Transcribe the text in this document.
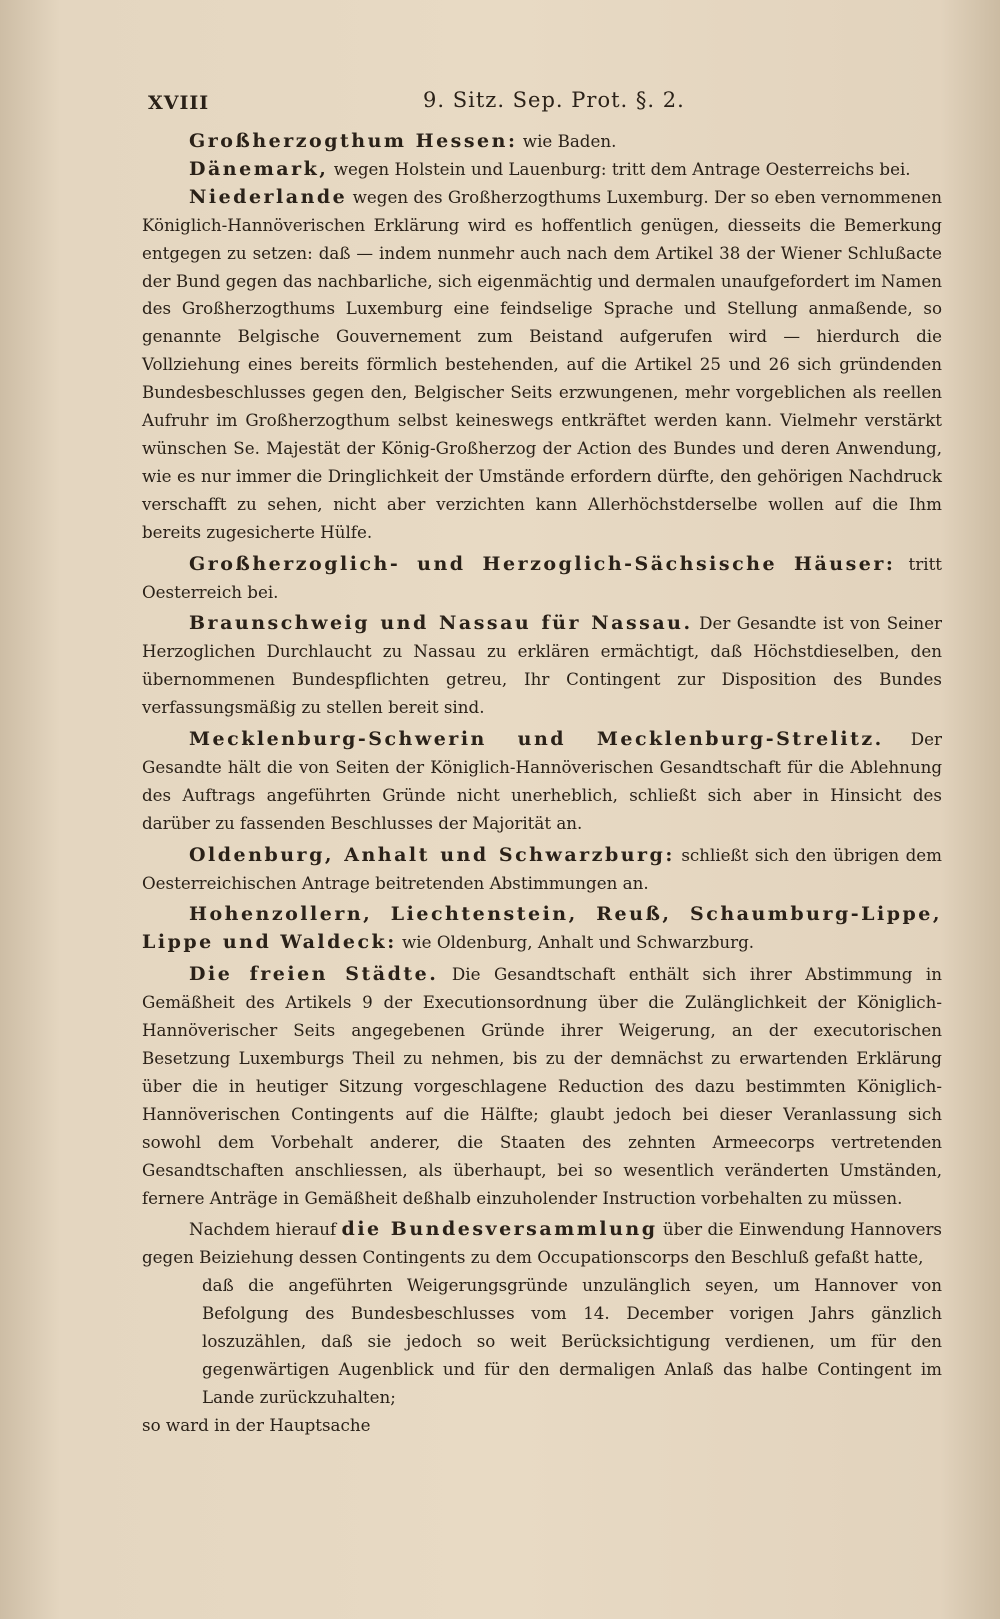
XVIII	9. Sitz. Sep. Prot. §. 2.

Großherzogthum Hessen: wie Baden.

Dänemark, wegen Holstein und Lauenburg: tritt dem Antrage Oesterreichs bei.

Niederlande wegen des Großherzogthums Luxemburg. Der so eben vernommenen Königlich-Hannöverischen Erklärung wird es hoffentlich genügen, diesseits die Bemerkung entgegen zu setzen: daß — indem nunmehr auch nach dem Artikel 38 der Wiener Schlußacte der Bund gegen das nachbarliche, sich eigenmächtig und dermalen unaufgefordert im Namen des Großherzogthums Luxemburg eine feindselige Sprache und Stellung anmaßende, so genannte Belgische Gouvernement zum Beistand aufgerufen wird — hierdurch die Vollziehung eines bereits förmlich bestehenden, auf die Artikel 25 und 26 sich gründenden Bundesbeschlusses gegen den, Belgischer Seits erzwungenen, mehr vorgeblichen als reellen Aufruhr im Großherzogthum selbst keineswegs entkräftet werden kann. Vielmehr verstärkt wünschen Se. Majestät der König-Großherzog der Action des Bundes und deren Anwendung, wie es nur immer die Dringlichkeit der Umstände erfordern dürfte, den gehörigen Nachdruck verschafft zu sehen, nicht aber verzichten kann Allerhöchstderselbe wollen auf die Ihm bereits zugesicherte Hülfe.

Großherzoglich- und Herzoglich-Sächsische Häuser: tritt Oesterreich bei.

Braunschweig und Nassau für Nassau. Der Gesandte ist von Seiner Herzoglichen Durchlaucht zu Nassau zu erklären ermächtigt, daß Höchstdieselben, den übernommenen Bundespflichten getreu, Ihr Contingent zur Disposition des Bundes verfassungsmäßig zu stellen bereit sind.

Mecklenburg-Schwerin und Mecklenburg-Strelitz. Der Gesandte hält die von Seiten der Königlich-Hannöverischen Gesandtschaft für die Ablehnung des Auftrags angeführten Gründe nicht unerheblich, schließt sich aber in Hinsicht des darüber zu fassenden Beschlusses der Majorität an.

Oldenburg, Anhalt und Schwarzburg: schließt sich den übrigen dem Oesterreichischen Antrage beitretenden Abstimmungen an.

Hohenzollern, Liechtenstein, Reuß, Schaumburg-Lippe, Lippe und Waldeck: wie Oldenburg, Anhalt und Schwarzburg.

Die freien Städte. Die Gesandtschaft enthält sich ihrer Abstimmung in Gemäßheit des Artikels 9 der Executionsordnung über die Zulänglichkeit der Königlich-Hannöverischer Seits angegebenen Gründe ihrer Weigerung, an der executorischen Besetzung Luxemburgs Theil zu nehmen, bis zu der demnächst zu erwartenden Erklärung über die in heutiger Sitzung vorgeschlagene Reduction des dazu bestimmten Königlich-Hannöverischen Contingents auf die Hälfte; glaubt jedoch bei dieser Veranlassung sich sowohl dem Vorbehalt anderer, die Staaten des zehnten Armeecorps vertretenden Gesandtschaften anschliessen, als überhaupt, bei so wesentlich veränderten Umständen, fernere Anträge in Gemäßheit deßhalb einzuholender Instruction vorbehalten zu müssen.

Nachdem hierauf die Bundesversammlung über die Einwendung Hannovers gegen Beiziehung dessen Contingents zu dem Occupationscorps den Beschluß gefaßt hatte,

daß die angeführten Weigerungsgründe unzulänglich seyen, um Hannover von Befolgung des Bundesbeschlusses vom 14. December vorigen Jahrs gänzlich loszuzählen, daß sie jedoch so weit Berücksichtigung verdienen, um für den gegenwärtigen Augenblick und für den dermaligen Anlaß das halbe Contingent im Lande zurückzuhalten;

so ward in der Hauptsache
